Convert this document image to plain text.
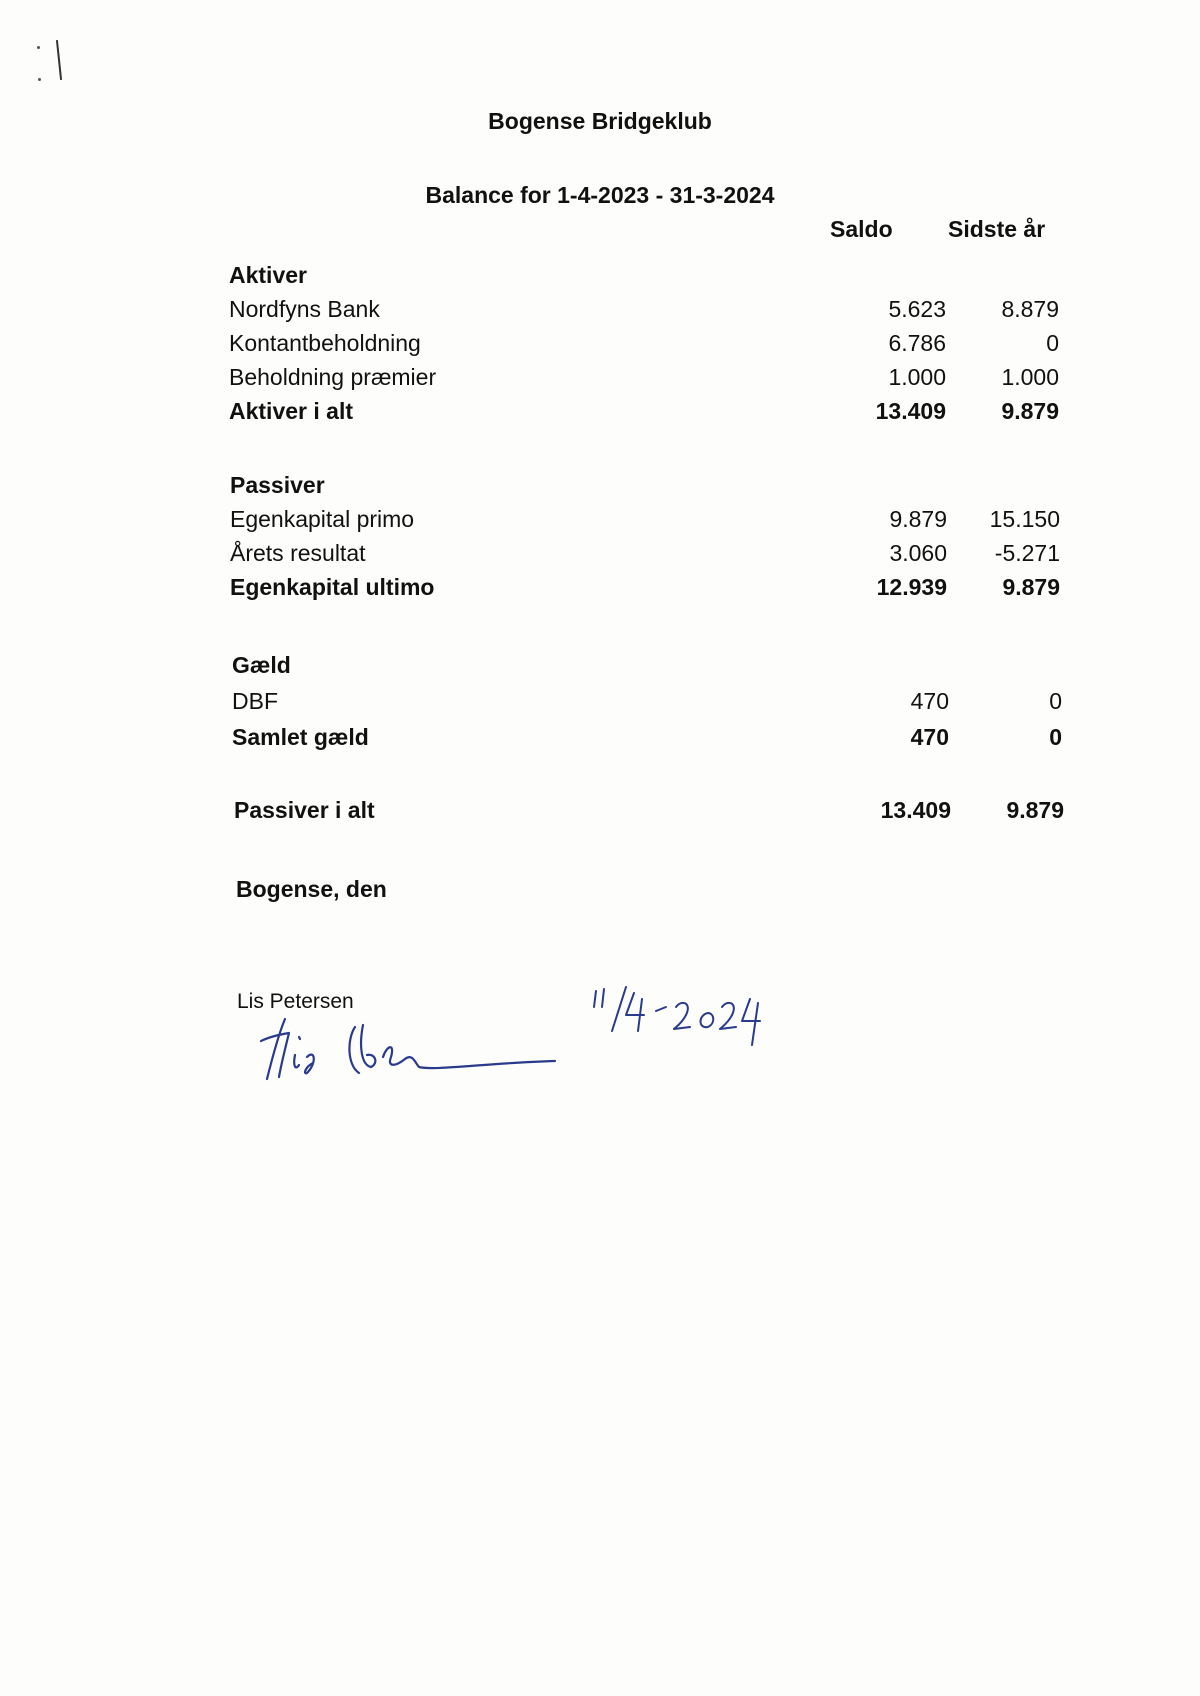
Bogense Bridgeklub
Balance for 1-4-2023 - 31-3-2024
Saldo Sidste år
Aktiver
Nordfyns Bank	5.623 8.879
Kontantbeholdning	6.786	0
Beholdning præmier	1.000 1.000
Aktiver i alt	13.409 9.879
Passiver
Egenkapital primo	9.879 15.150
Årets resultat	3.060 -5.271
Egenkapital ultimo	12.939 9.879
Gæld
DBF	470	0
Samlet gæld	470	0
Passiver i alt	13.409 9.879
Bogense, den
Lis Petersen
